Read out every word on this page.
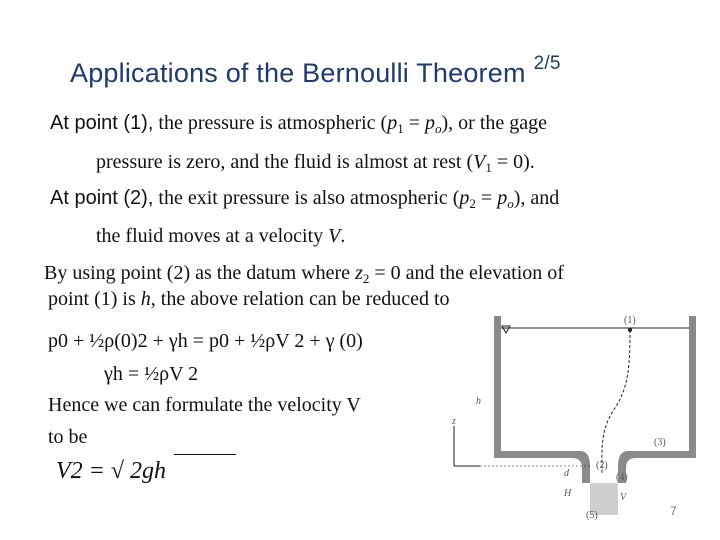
Applications of the Bernoulli Theorem $^{2/5}$
At point (1), the pressure is atmospheric $(p_1 = p_o)$, or the gage
pressure is zero, and the fluid is almost at rest $(V_1 = 0)$.
At point (2), the exit pressure is also atmospheric $(p_2 = p_o)$, and
the fluid moves at a velocity V.
By using point (2) as the datum where $z_2 = 0$ and the elevation of
point (1) is h, the above relation can be reduced to
p0 + ½ρ(0)2 + γh = p0 + ½ρV 2 + γ (0)
γh = ½ρV 2
Hence we can formulate the velocity V
to be
V2 = √ 2gh
(1)
(2)
(3)
(4)
(5)
h
z
H
d
V
7
